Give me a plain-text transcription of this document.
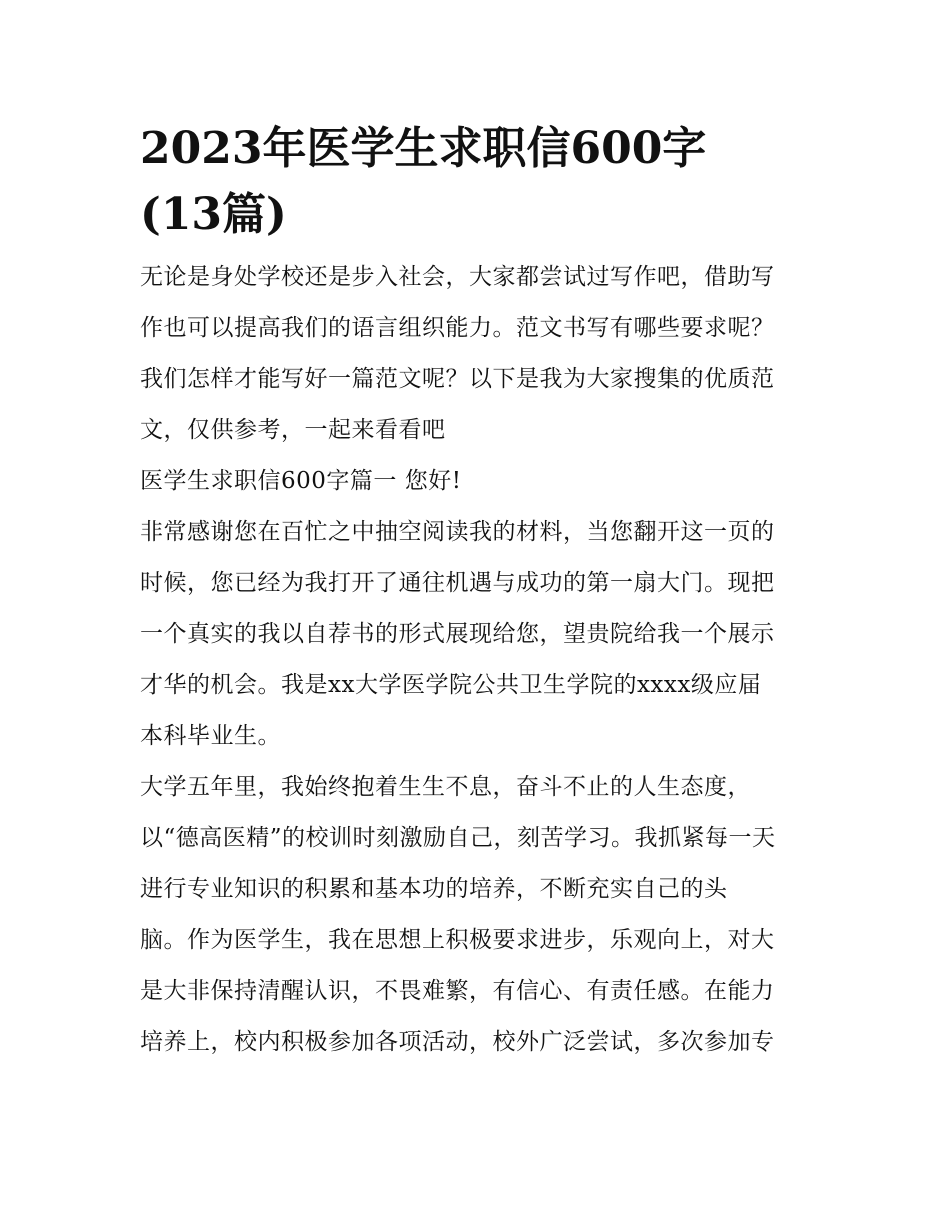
2023年医学生求职信600字
(13篇)

无论是身处学校还是步入社会，大家都尝试过写作吧，借助写
作也可以提高我们的语言组织能力。范文书写有哪些要求呢？
我们怎样才能写好一篇范文呢？以下是我为大家搜集的优质范
文，仅供参考，一起来看看吧

医学生求职信600字篇一 您好!

非常感谢您在百忙之中抽空阅读我的材料，当您翻开这一页的
时候，您已经为我打开了通往机遇与成功的第一扇大门。现把
一个真实的我以自荐书的形式展现给您，望贵院给我一个展示
才华的机会。我是xx大学医学院公共卫生学院的xxxx级应届
本科毕业生。

大学五年里，我始终抱着生生不息，奋斗不止的人生态度，
以“德高医精”的校训时刻激励自己，刻苦学习。我抓紧每一天
进行专业知识的积累和基本功的培养，不断充实自己的头
脑。作为医学生，我在思想上积极要求进步，乐观向上，对大
是大非保持清醒认识，不畏难繁，有信心、有责任感。在能力
培养上，校内积极参加各项活动，校外广泛尝试，多次参加专
